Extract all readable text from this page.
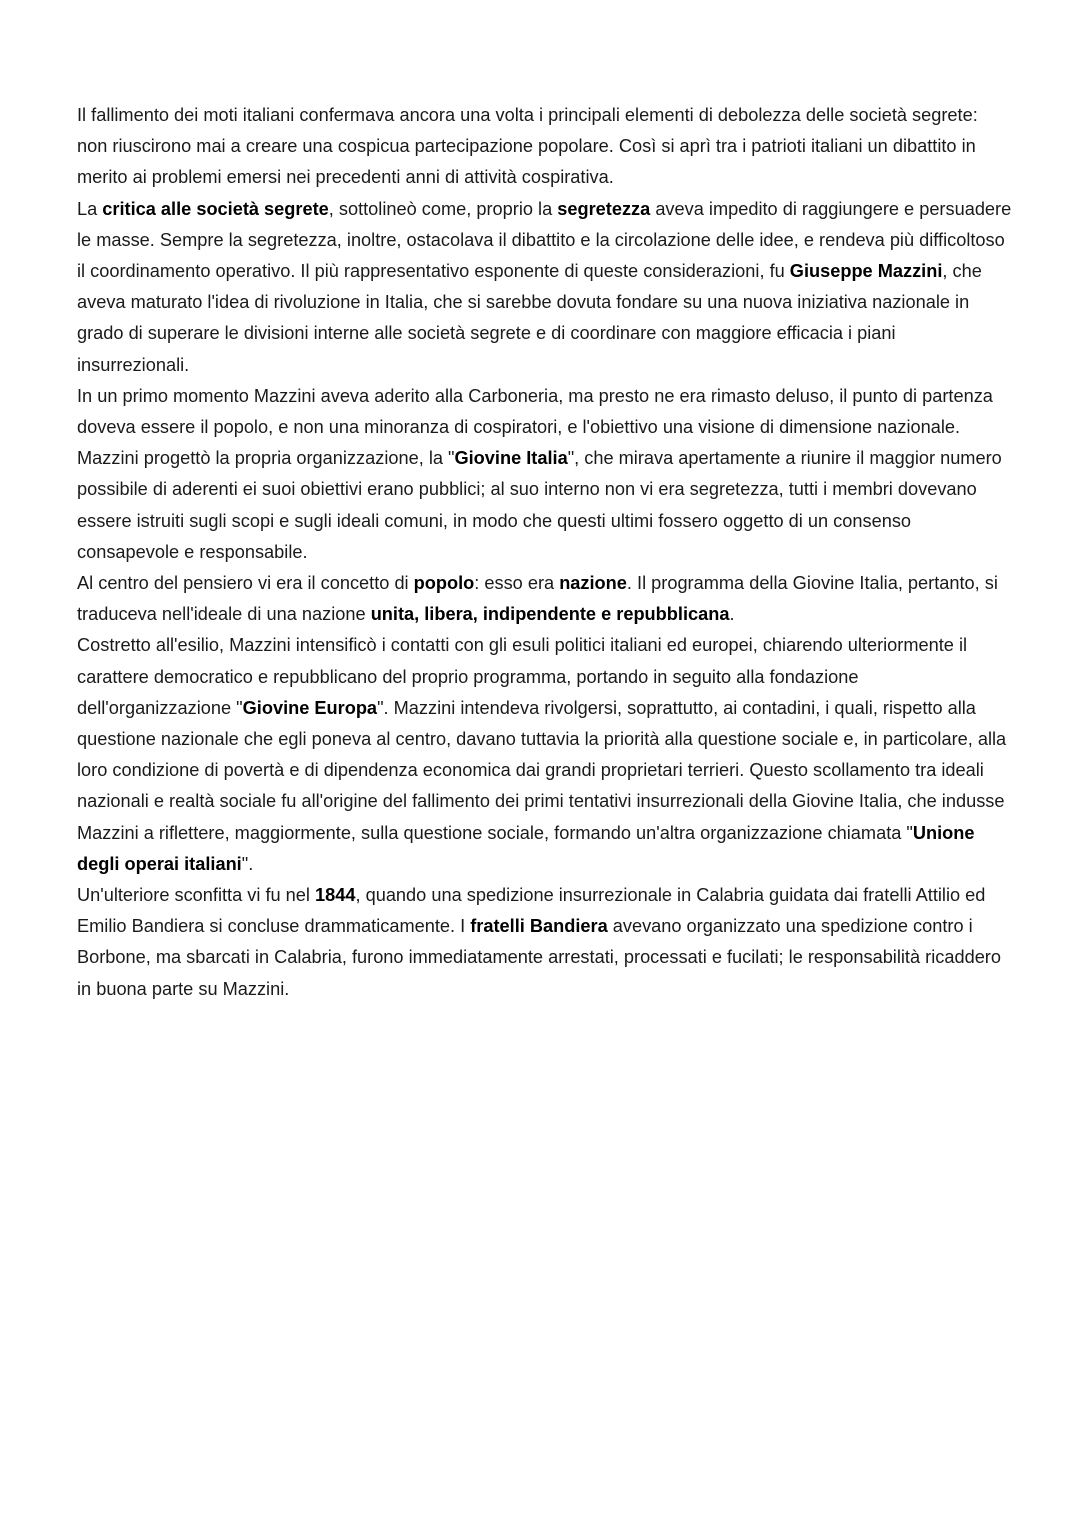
Il fallimento dei moti italiani confermava ancora una volta i principali elementi di debolezza delle società segrete: non riuscirono mai a creare una cospicua partecipazione popolare. Così si aprì tra i patrioti italiani un dibattito in merito ai problemi emersi nei precedenti anni di attività cospirativa.

La critica alle società segrete, sottolineò come, proprio la segretezza aveva impedito di raggiungere e persuadere le masse. Sempre la segretezza, inoltre, ostacolava il dibattito e la circolazione delle idee, e rendeva più difficoltoso il coordinamento operativo. Il più rappresentativo esponente di queste considerazioni, fu Giuseppe Mazzini, che aveva maturato l'idea di rivoluzione in Italia, che si sarebbe dovuta fondare su una nuova iniziativa nazionale in grado di superare le divisioni interne alle società segrete e di coordinare con maggiore efficacia i piani insurrezionali.

In un primo momento Mazzini aveva aderito alla Carboneria, ma presto ne era rimasto deluso, il punto di partenza doveva essere il popolo, e non una minoranza di cospiratori, e l'obiettivo una visione di dimensione nazionale.

Mazzini progettò la propria organizzazione, la "Giovine Italia", che mirava apertamente a riunire il maggior numero possibile di aderenti ei suoi obiettivi erano pubblici; al suo interno non vi era segretezza, tutti i membri dovevano essere istruiti sugli scopi e sugli ideali comuni, in modo che questi ultimi fossero oggetto di un consenso consapevole e responsabile.

Al centro del pensiero vi era il concetto di popolo: esso era nazione. Il programma della Giovine Italia, pertanto, si traduceva nell'ideale di una nazione unita, libera, indipendente e repubblicana.

Costretto all'esilio, Mazzini intensificò i contatti con gli esuli politici italiani ed europei, chiarendo ulteriormente il carattere democratico e repubblicano del proprio programma, portando in seguito alla fondazione dell'organizzazione "Giovine Europa". Mazzini intendeva rivolgersi, soprattutto, ai contadini, i quali, rispetto alla questione nazionale che egli poneva al centro, davano tuttavia la priorità alla questione sociale e, in particolare, alla loro condizione di povertà e di dipendenza economica dai grandi proprietari terrieri. Questo scollamento tra ideali nazionali e realtà sociale fu all'origine del fallimento dei primi tentativi insurrezionali della Giovine Italia, che indusse Mazzini a riflettere, maggiormente, sulla questione sociale, formando un'altra organizzazione chiamata "Unione degli operai italiani".

Un'ulteriore sconfitta vi fu nel 1844, quando una spedizione insurrezionale in Calabria guidata dai fratelli Attilio ed Emilio Bandiera si concluse drammaticamente. I fratelli Bandiera avevano organizzato una spedizione contro i Borbone, ma sbarcati in Calabria, furono immediatamente arrestati, processati e fucilati; le responsabilità ricaddero in buona parte su Mazzini.
